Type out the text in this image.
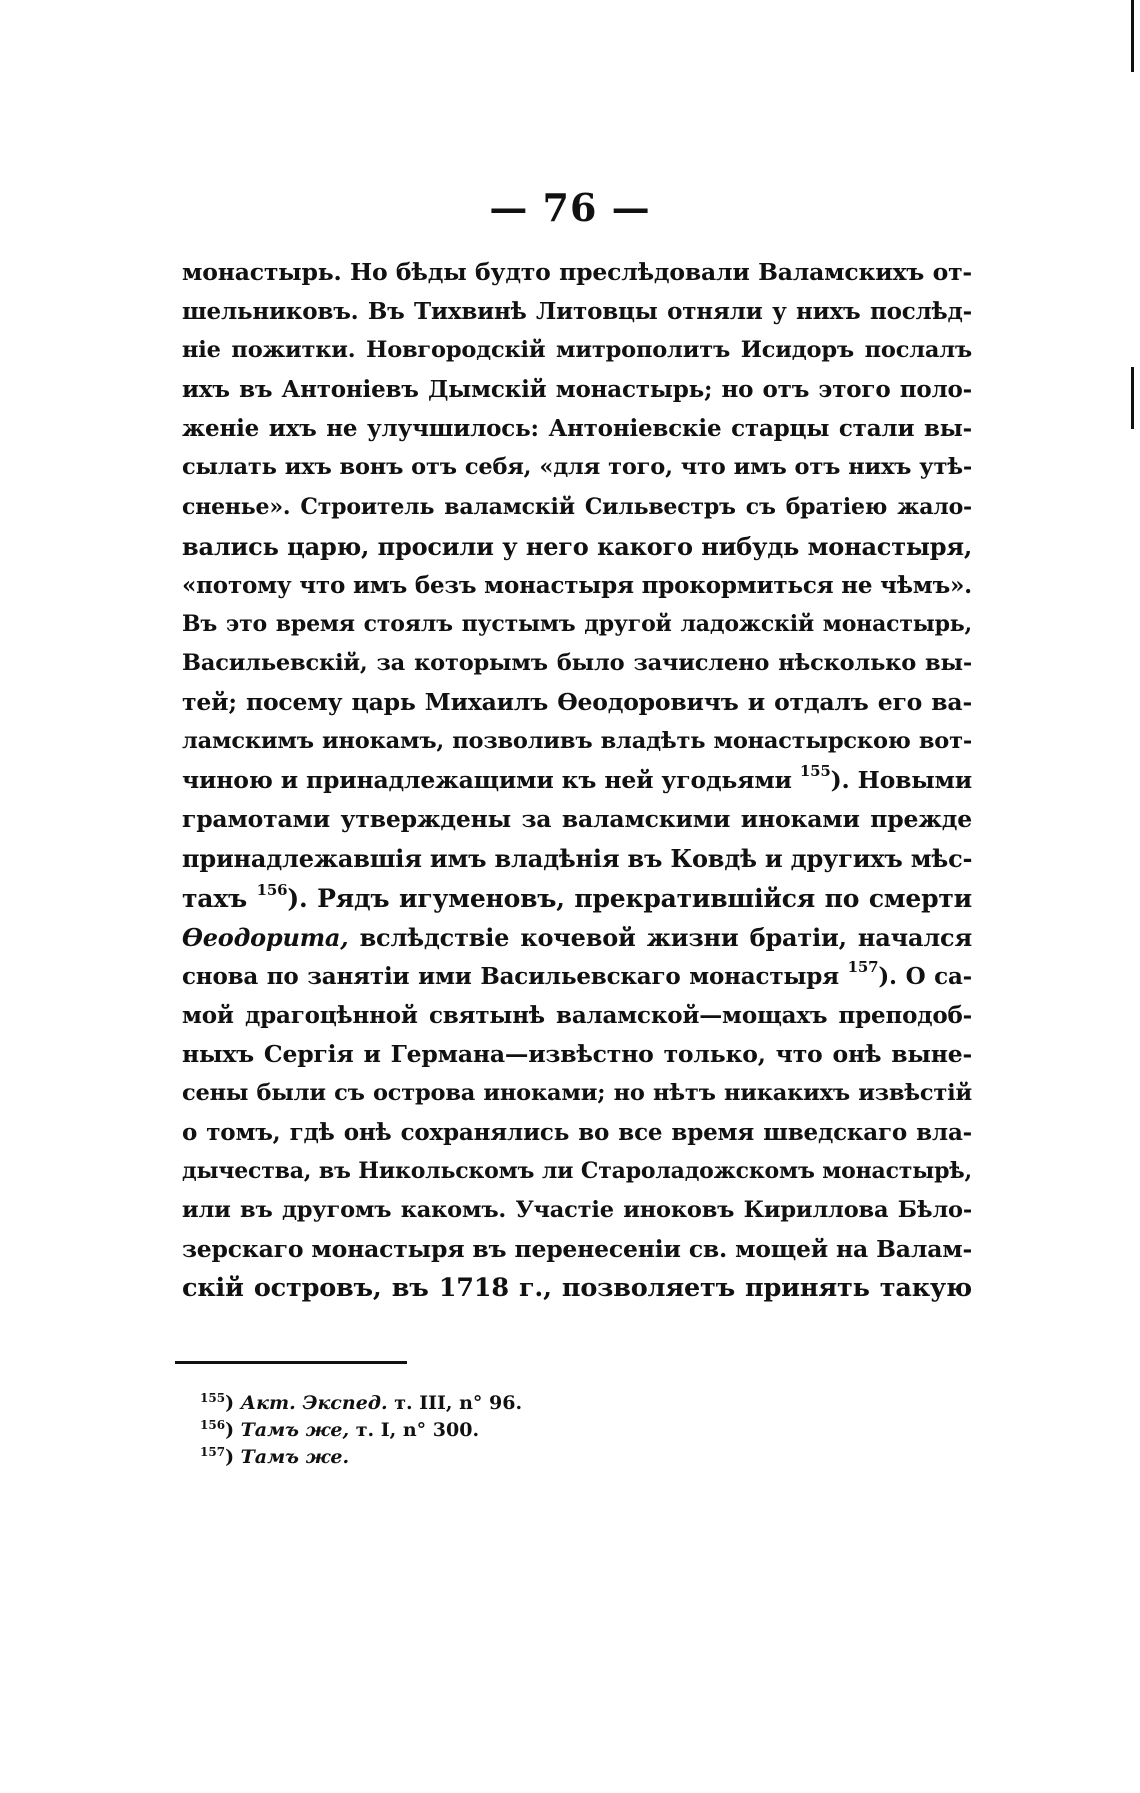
— 76 —
монастырь. Но бѣды будто преслѣдовали Валамскихъ от-
шельниковъ. Въ Тихвинѣ Литовцы отняли у нихъ послѣд-
ніе пожитки. Новгородскій митрополитъ Исидоръ послалъ
ихъ въ Антоніевъ Дымскій монастырь; но отъ этого поло-
женіе ихъ не улучшилось: Антоніевскіе старцы стали вы-
сылать ихъ вонъ отъ себя, «для того, что имъ отъ нихъ утѣ-
сненье». Строитель валамскій Сильвестръ съ братіею жало-
вались царю, просили у него какого нибудь монастыря,
«потому что имъ безъ монастыря прокормиться не чѣмъ».
Въ это время стоялъ пустымъ другой ладожскій монастырь,
Васильевскій, за которымъ было зачислено нѣсколько вы-
тей; посему царь Михаилъ Ѳеодоровичъ и отдалъ его ва-
ламскимъ инокамъ, позволивъ владѣть монастырскою вот-
чиною и принадлежащими къ ней угодьями $^{155}$). Новыми
грамотами утверждены за валамскими иноками прежде
принадлежавшія имъ владѣнія въ Ковдѣ и другихъ мѣс-
тахъ $^{156}$). Рядъ игуменовъ, прекратившійся по смерти
Ѳеодорита, вслѣдствіе кочевой жизни братіи, начался
снова по занятіи ими Васильевскаго монастыря $^{157}$). О са-
мой драгоцѣнной святынѣ валамской—мощахъ преподоб-
ныхъ Сергія и Германа—извѣстно только, что онѣ выне-
сены были съ острова иноками; но нѣтъ никакихъ извѣстій
о томъ, гдѣ онѣ сохранялись во все время шведскаго вла-
дычества, въ Никольскомъ ли Староладожскомъ монастырѣ,
или въ другомъ какомъ. Участіе иноковъ Кириллова Бѣло-
зерскаго монастыря въ перенесеніи св. мощей на Валам-
скій островъ, въ 1718 г., позволяетъ принять такую
$^{155}$) Акт. Экспед. т. III, n° 96.
$^{156}$) Тамъ же, т. I, n° 300.
$^{157}$) Тамъ же.
